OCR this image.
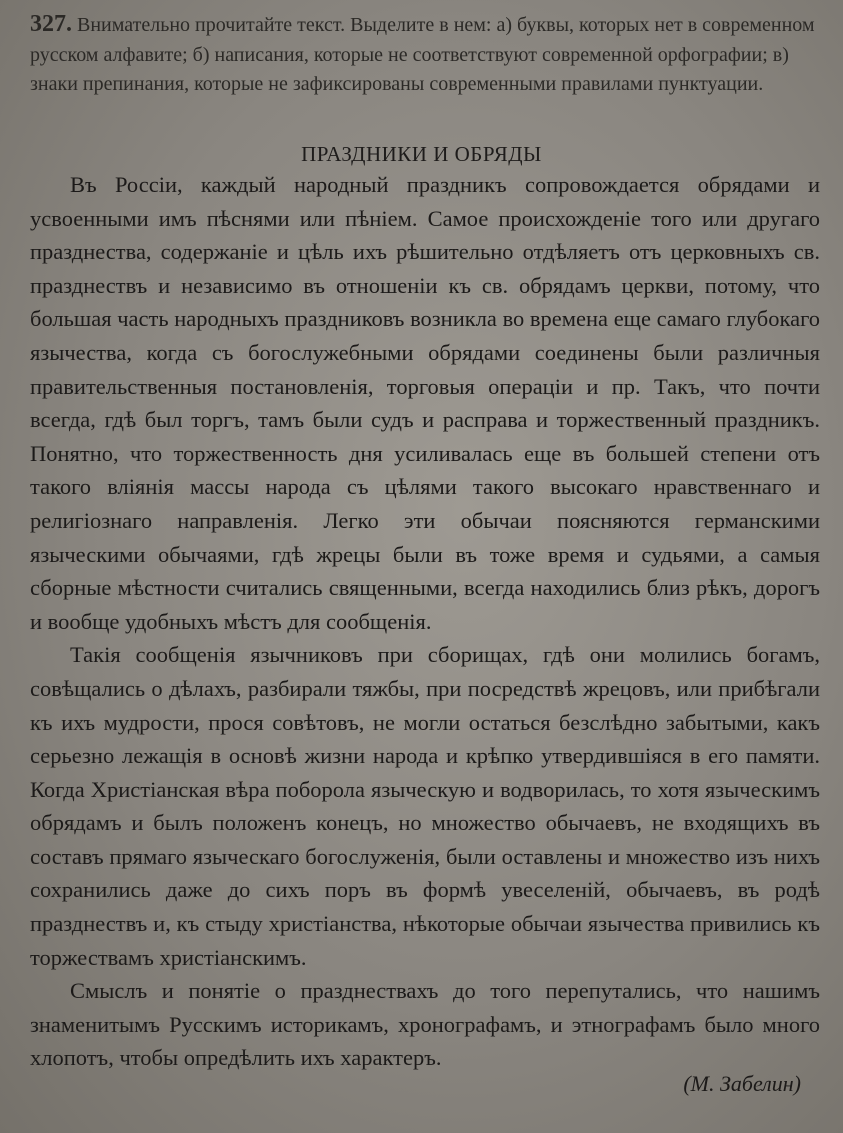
327. Внимательно прочитайте текст. Выделите в нем: а) буквы, которых нет в современном русском алфавите; б) написания, которые не соответствуют современной орфографии; в) знаки препинания, которые не зафиксированы современными правилами пунктуации.
ПРАЗДНИКИ И ОБРЯДЫ

Въ Россiи, каждый народный праздникъ сопровождается обрядами и усвоенными имъ пѣснями или пѣнiем. Самое происхожденiе того или другаго празднества, содержанiе и цѣль ихъ рѣшительно отдѣляетъ отъ церковныхъ св. празднествъ и независимо въ отношенiи къ св. обрядамъ церкви, потому, что большая часть народныхъ праздниковъ возникла во времена еще самаго глубокаго язычества, когда съ богослужебными обрядами соединены были различныя правительственныя постановленiя, торговыя операцiи и пр. Такъ, что почти всегда, гдѣ был торгъ, тамъ были судъ и расправа и торжественный праздникъ. Понятно, что торжественность дня усиливалась еще въ большей степени отъ такого влiянiя массы народа съ цѣлями такого высокаго нравственнаго и религiознаго направленiя. Легко эти обычаи поясняются германскими языческими обычаями, гдѣ жрецы были въ тоже время и судьями, а самыя сборные мѣстности считались священными, всегда находились близ рѣкъ, дорогъ и вообще удобныхъ мѣстъ для сообщенiя.

Такiя сообщенiя язычниковъ при сборищах, гдѣ они молились богамъ, совѣщались о дѣлахъ, разбирали тяжбы, при посредствѣ жрецовъ, или прибѣгали къ ихъ мудрости, прося совѣтовъ, не могли остаться безслѣдно забытыми, какъ серьезно лежащiя в основѣ жизни народа и крѣпко утвердившiяся в его памяти. Когда Христiанская вѣра поборола языческую и водворилась, то хотя языческимъ обрядамъ и былъ положенъ конецъ, но множество обычаевъ, не входящихъ въ составъ прямаго языческаго богослуженiя, были оставлены и множество изъ нихъ сохранились даже до сихъ поръ въ формѣ увеселенiй, обычаевъ, въ родѣ празднествъ и, къ стыду христiанства, нѣкоторые обычаи язычества привились къ торжествамъ христiанскимъ.

Смыслъ и понятiе о празднествахъ до того перепутались, что нашимъ знаменитымъ Русскимъ историкамъ, хронографамъ, и этнографамъ было много хлопотъ, чтобы опредѣлить ихъ характеръ.

(М. Забелин)
